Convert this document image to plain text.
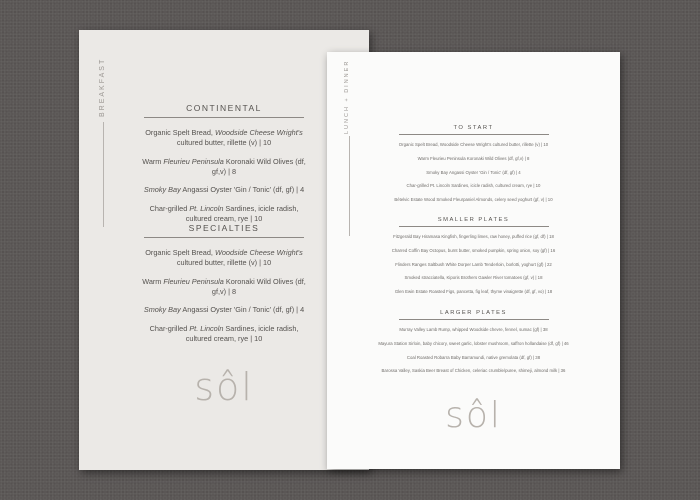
BREAKFAST	CONTINENTAL
Organic Spelt Bread, Woodside Cheese Wright's cultured butter, rillette (v) | 10
Warm Fleurieu Peninsula Koronaki Wild Olives (df, gf,v) | 8
Smoky Bay Angassi Oyster 'Gin / Tonic' (df, gf) | 4
Char-grilled Pt. Lincoln Sardines, icicle radish, cultured cream, rye | 10
SPECIALTIES
Organic Spelt Bread, Woodside Cheese Wright's cultured butter, rillette (v) | 10
Warm Fleurieu Peninsula Koronaki Wild Olives (df, gf,v) | 8
Smoky Bay Angassi Oyster 'Gin / Tonic' (df, gf) | 4
Char-grilled Pt. Lincoln Sardines, icicle radish, cultured cream, rye | 10
sôl
LUNCH + DINNER	TO START
Organic Spelt Bread, Woodside Cheese Wright's cultured butter, rillette (v) | 10
Warm Fleurieu Peninsula Koronaki Wild Olives (df, gf,v) | 8
Smoky Bay Angassi Oyster 'Gin / Tonic' (df, gf) | 4
Char-grilled Pt. Lincoln Sardines, icicle radish, cultured cream, rye | 10
Bételvic Estate Wood Smoked Fleurpaniel Almonds, celery seed yoghurt (gf, v) | 10
SMALLER PLATES
Fitzgerald Bay Hiramasa Kingfish, fingerling limes, raw honey, puffed rice (gf, df) | 18
Charred Coffin Bay Octopus, burnt butter, smoked pumpkin, spring onion, soy (gf) | 16
Flinders Ranges Saltbush White Dorper Lamb Tenderloin, borlotti, yoghurt (gf) | 22
Smoked stracciatella, Kiporis Brothers Gawler River tomatoes (gf, v) | 18
Glen Ewin Estate Roasted Figs, pancetta, fig leaf, thyme vinaigrette (df, gf, vo) | 18
LARGER PLATES
Murray Valley Lamb Rump, whipped Woodside chevre, fennel, sumac (gf) | 38
Mayura Station Sirloin, baby chicory, sweet garlic, lobster mushroom, saffron hollandaise (df, gf) | 46
Coal Roasted Robarra Baby Barramundi, native gremolata (df, gf) | 38
Barossa Valley, Saskia Beer Breast of Chicken, celeriac crumble/puree, shimeji, almond milk | 36
sôl
